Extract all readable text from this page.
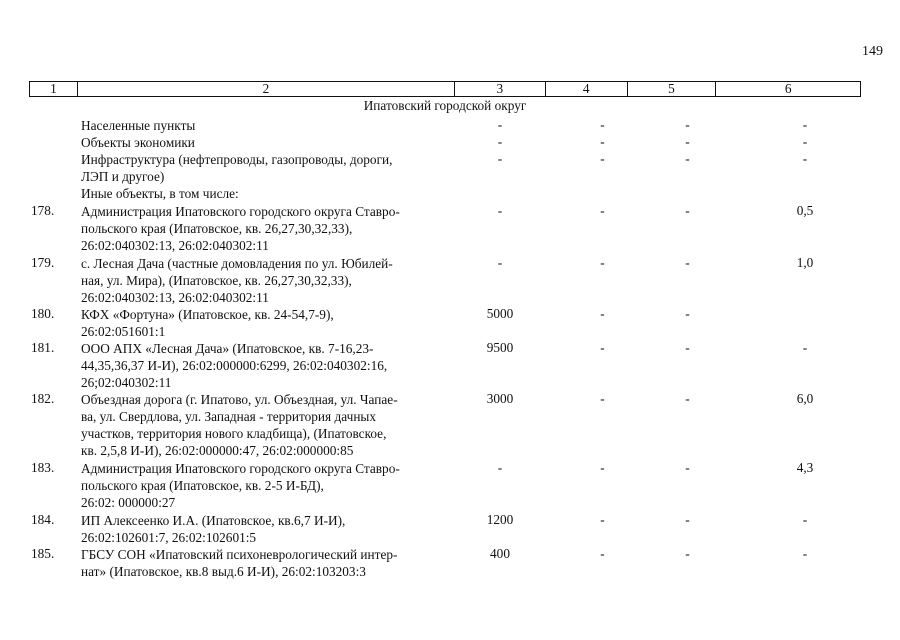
149
1	2	3	4	5	6
Ипатовский городской округ
Населенные пункты	-	-	-	-
Объекты экономики	-	-	-	-
Инфраструктура (нефтепроводы, газопроводы, дороги,
ЛЭП и другое)
-	-	-	-
Иные объекты, в том числе:
178.	Администрация Ипатовского городского округа Ставро-
польского края (Ипатовское, кв. 26,27,30,32,33),
26:02:040302:13, 26:02:040302:11
-	-	-	0,5
179.	с. Лесная Дача (частные домовладения по ул. Юбилей-
ная, ул. Мира), (Ипатовское, кв. 26,27,30,32,33),
26:02:040302:13, 26:02:040302:11
-	-	-	1,0
180.	КФХ «Фортуна» (Ипатовское, кв. 24-54,7-9),
26:02:051601:1
5000	-	-
181.	ООО АПХ «Лесная Дача» (Ипатовское, кв. 7-16,23-
44,35,36,37 И-И), 26:02:000000:6299, 26:02:040302:16,
26;02:040302:11
9500	-	-	-
182.	Объездная дорога (г. Ипатово, ул. Объездная, ул. Чапае-
ва, ул. Свердлова, ул. Западная - территория дачных
участков, территория нового кладбища), (Ипатовское,
кв. 2,5,8 И-И), 26:02:000000:47, 26:02:000000:85
3000	-	-	6,0
183.	Администрация Ипатовского городского округа Ставро-
польского края (Ипатовское, кв. 2-5 И-БД),
26:02: 000000:27
-	-	-	4,3
184.	ИП Алексеенко И.А. (Ипатовское, кв.6,7 И-И),
26:02:102601:7, 26:02:102601:5
1200	-	-	-
185.	ГБСУ СОН «Ипатовский психоневрологический интер-
нат» (Ипатовское, кв.8 выд.6 И-И), 26:02:103203:3
400	-	-	-
